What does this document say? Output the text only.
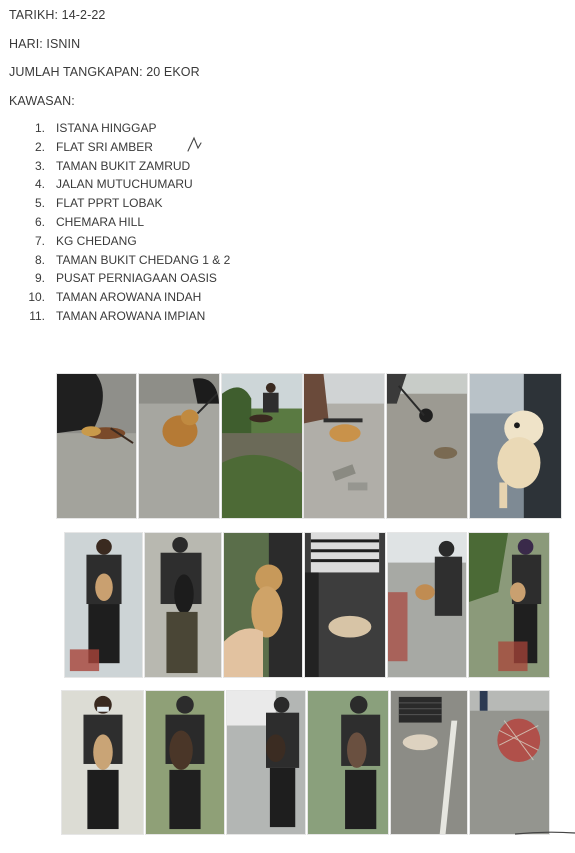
TARIKH: 14-2-22
HARI: ISNIN
JUMLAH TANGKAPAN: 20 EKOR
KAWASAN:
1. ISTANA HINGGAP
2. FLAT SRI AMBER
3. TAMAN BUKIT ZAMRUD
4. JALAN MUTUCHUMARU
5. FLAT PPRT LOBAK
6. CHEMARA HILL
7. KG CHEDANG
8. TAMAN BUKIT CHEDANG 1 & 2
9. PUSAT PERNIAGAAN OASIS
10. TAMAN AROWANA INDAH
11. TAMAN AROWANA IMPIAN
